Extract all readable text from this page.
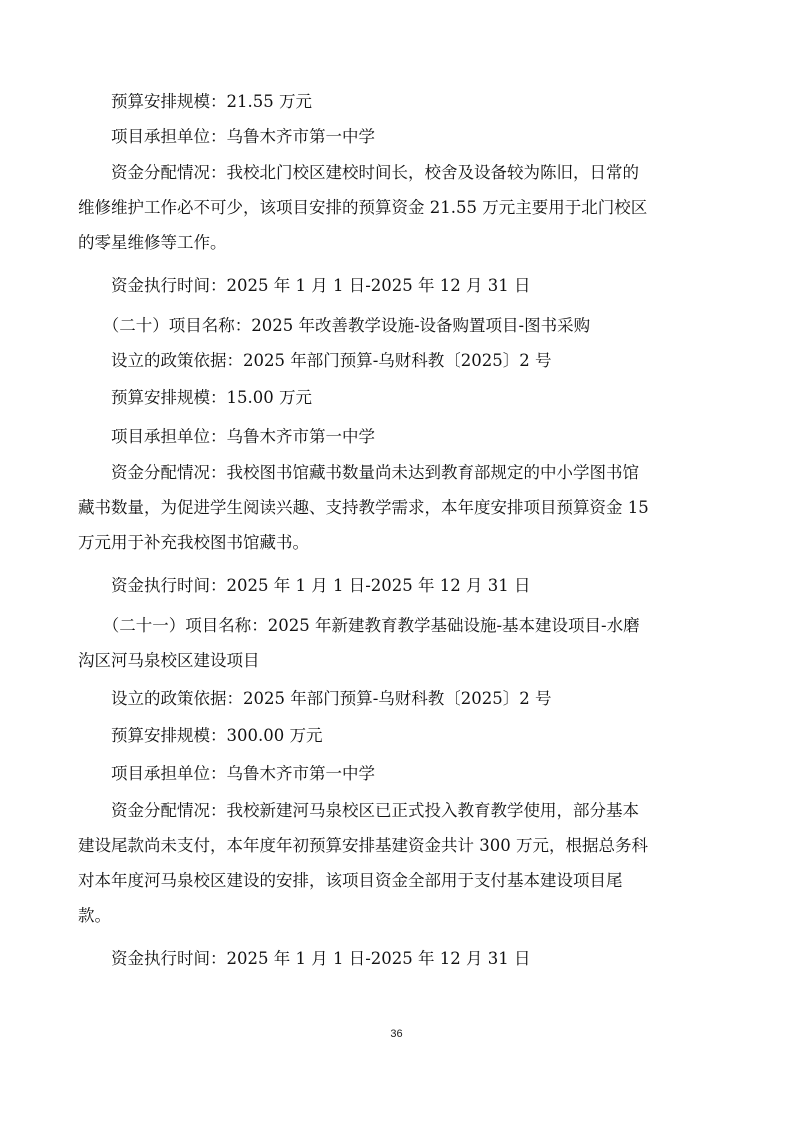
　　预算安排规模：21.55 万元

　　项目承担单位：乌鲁木齐市第一中学

　　资金分配情况：我校北门校区建校时间长，校舍及设备较为陈旧，日常的
维修维护工作必不可少，该项目安排的预算资金 21.55 万元主要用于北门校区
的零星维修等工作。

　　资金执行时间：2025 年 1 月 1 日-2025 年 12 月 31 日

　　（二十）项目名称：2025 年改善教学设施-设备购置项目-图书采购

　　设立的政策依据：2025 年部门预算-乌财科教〔2025〕2 号

　　预算安排规模：15.00 万元

　　项目承担单位：乌鲁木齐市第一中学

　　资金分配情况：我校图书馆藏书数量尚未达到教育部规定的中小学图书馆
藏书数量，为促进学生阅读兴趣、支持教学需求，本年度安排项目预算资金 15
万元用于补充我校图书馆藏书。

　　资金执行时间：2025 年 1 月 1 日-2025 年 12 月 31 日

　　（二十一）项目名称：2025 年新建教育教学基础设施-基本建设项目-水磨
沟区河马泉校区建设项目

　　设立的政策依据：2025 年部门预算-乌财科教〔2025〕2 号

　　预算安排规模：300.00 万元

　　项目承担单位：乌鲁木齐市第一中学

　　资金分配情况：我校新建河马泉校区已正式投入教育教学使用，部分基本
建设尾款尚未支付，本年度年初预算安排基建资金共计 300 万元，根据总务科
对本年度河马泉校区建设的安排，该项目资金全部用于支付基本建设项目尾
款。

　　资金执行时间：2025 年 1 月 1 日-2025 年 12 月 31 日

36
